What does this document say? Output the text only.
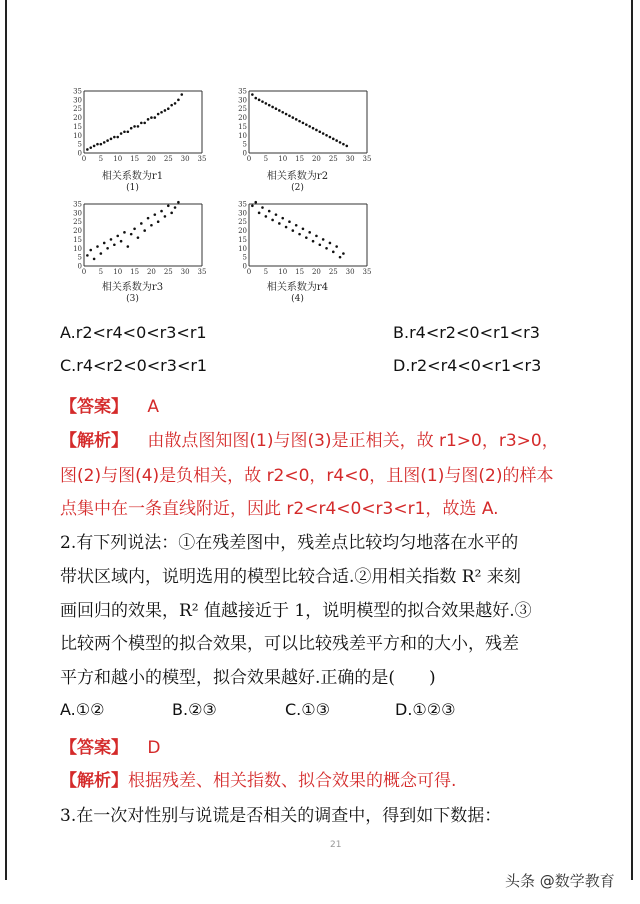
0
5
10
15
20
25
30
35
0 5 10 15 20 25 30 35
相关系数为r1
(1)
0
5
10
15
20
25
30
35
0 5 10 15 20 25 30 35
相关系数为r2
(2)
0
5
10
15
20
25
30
35
0 5 10 15 20 25 30 35
相关系数为r3
(3)
0
5
10
15
20
25
30
35
0 5 10 15 20 25 30 35
相关系数为r4
(4)
A.r2<r4<0<r3<r1	B.r4<r2<0<r1<r3
C.r4<r2<0<r3<r1	D.r2<r4<0<r1<r3
【答案】 A
【解析】 由散点图知图(1)与图(3)是正相关，故 r1>0，r3>0，
图(2)与图(4)是负相关，故 r2<0，r4<0，且图(1)与图(2)的样本
点集中在一条直线附近，因此 r2<r4<0<r3<r1，故选 A.
2.有下列说法：①在残差图中，残差点比较均匀地落在水平的
带状区域内，说明选用的模型比较合适.②用相关指数 R² 来刻
画回归的效果，R² 值越接近于 1，说明模型的拟合效果越好.③
比较两个模型的拟合效果，可以比较残差平方和的大小，残差
平方和越小的模型，拟合效果越好.正确的是(　　)
A.①②	B.②③	C.①③	D.①②③
【答案】 D
【解析】根据残差、相关指数、拟合效果的概念可得.
3.在一次对性别与说谎是否相关的调查中，得到如下数据：
21
头条 @数学教育
